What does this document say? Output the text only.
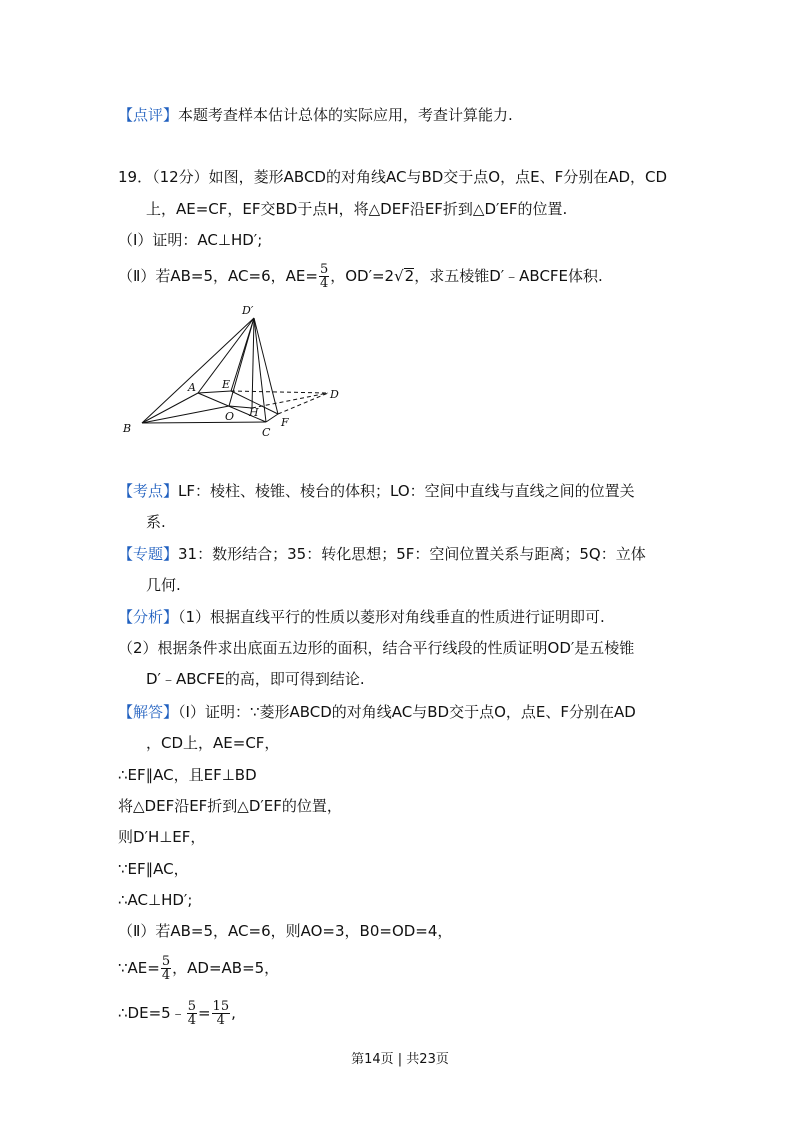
【点评】本题考查样本估计总体的实际应用，考查计算能力.
19．（12分）如图，菱形ABCD的对角线AC与BD交于点O，点E、F分别在AD，CD
上，AE=CF，EF交BD于点H，将△DEF沿EF折到△D′EF的位置.
（Ⅰ）证明：AC⊥HD′;
（Ⅱ）若AB=5，AC=6，$AE= \frac{5}{4}$ ，OD′=2√2，求五棱锥D′﹣ABCFE体积.
D′
A E
D
B
O H
C
F
【考点】LF：棱柱、棱锥、棱台的体积；LO：空间中直线与直线之间的位置关
系.
【专题】31：数形结合；35：转化思想；5F：空间位置关系与距离；5Q：立体
几何.
【分析】（1）根据直线平行的性质以菱形对角线垂直的性质进行证明即可.
（2）根据条件求出底面五边形的面积，结合平行线段的性质证明OD′是五棱锥
D′﹣ABCFE的高，即可得到结论.
【解答】（Ⅰ）证明：∵菱形ABCD的对角线AC与BD交于点O，点E、F分别在AD
，CD上，AE=CF，
∴EF∥AC，且EF⊥BD
将△DEF沿EF折到△D′EF的位置，
则D′H⊥EF，
∵EF∥AC，
∴AC⊥HD′;
（Ⅱ）若AB=5，AC=6，则AO=3，B0=OD=4，
∵AE= $\frac{5}{4}$ ，AD=AB=5，
∴DE=5﹣ $\frac{5}{4} = \frac{15}{4}$ ,
第14页 | 共23页
